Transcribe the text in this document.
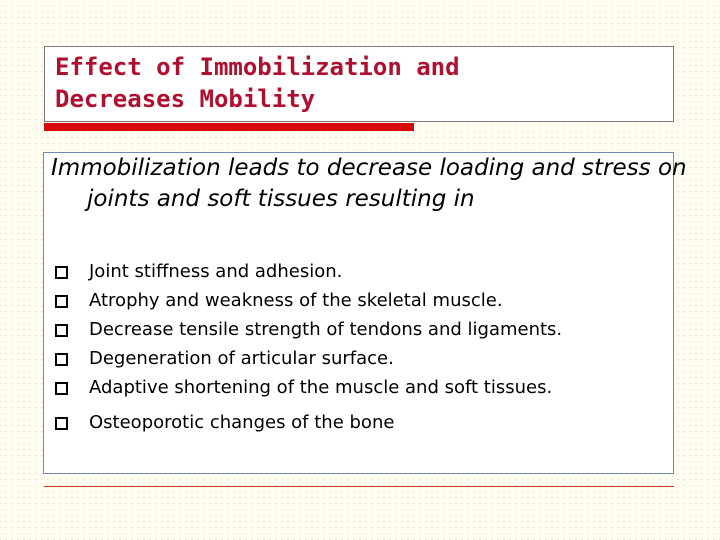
Effect of Immobilization and
Decreases Mobility

Immobilization leads to decrease loading and stress on joints and soft tissues resulting in

Joint stiffness and adhesion.
Atrophy and weakness of the skeletal muscle.
Decrease tensile strength of tendons and ligaments.
Degeneration of articular surface.
Adaptive shortening of the muscle and soft tissues.
Osteoporotic changes of the bone
